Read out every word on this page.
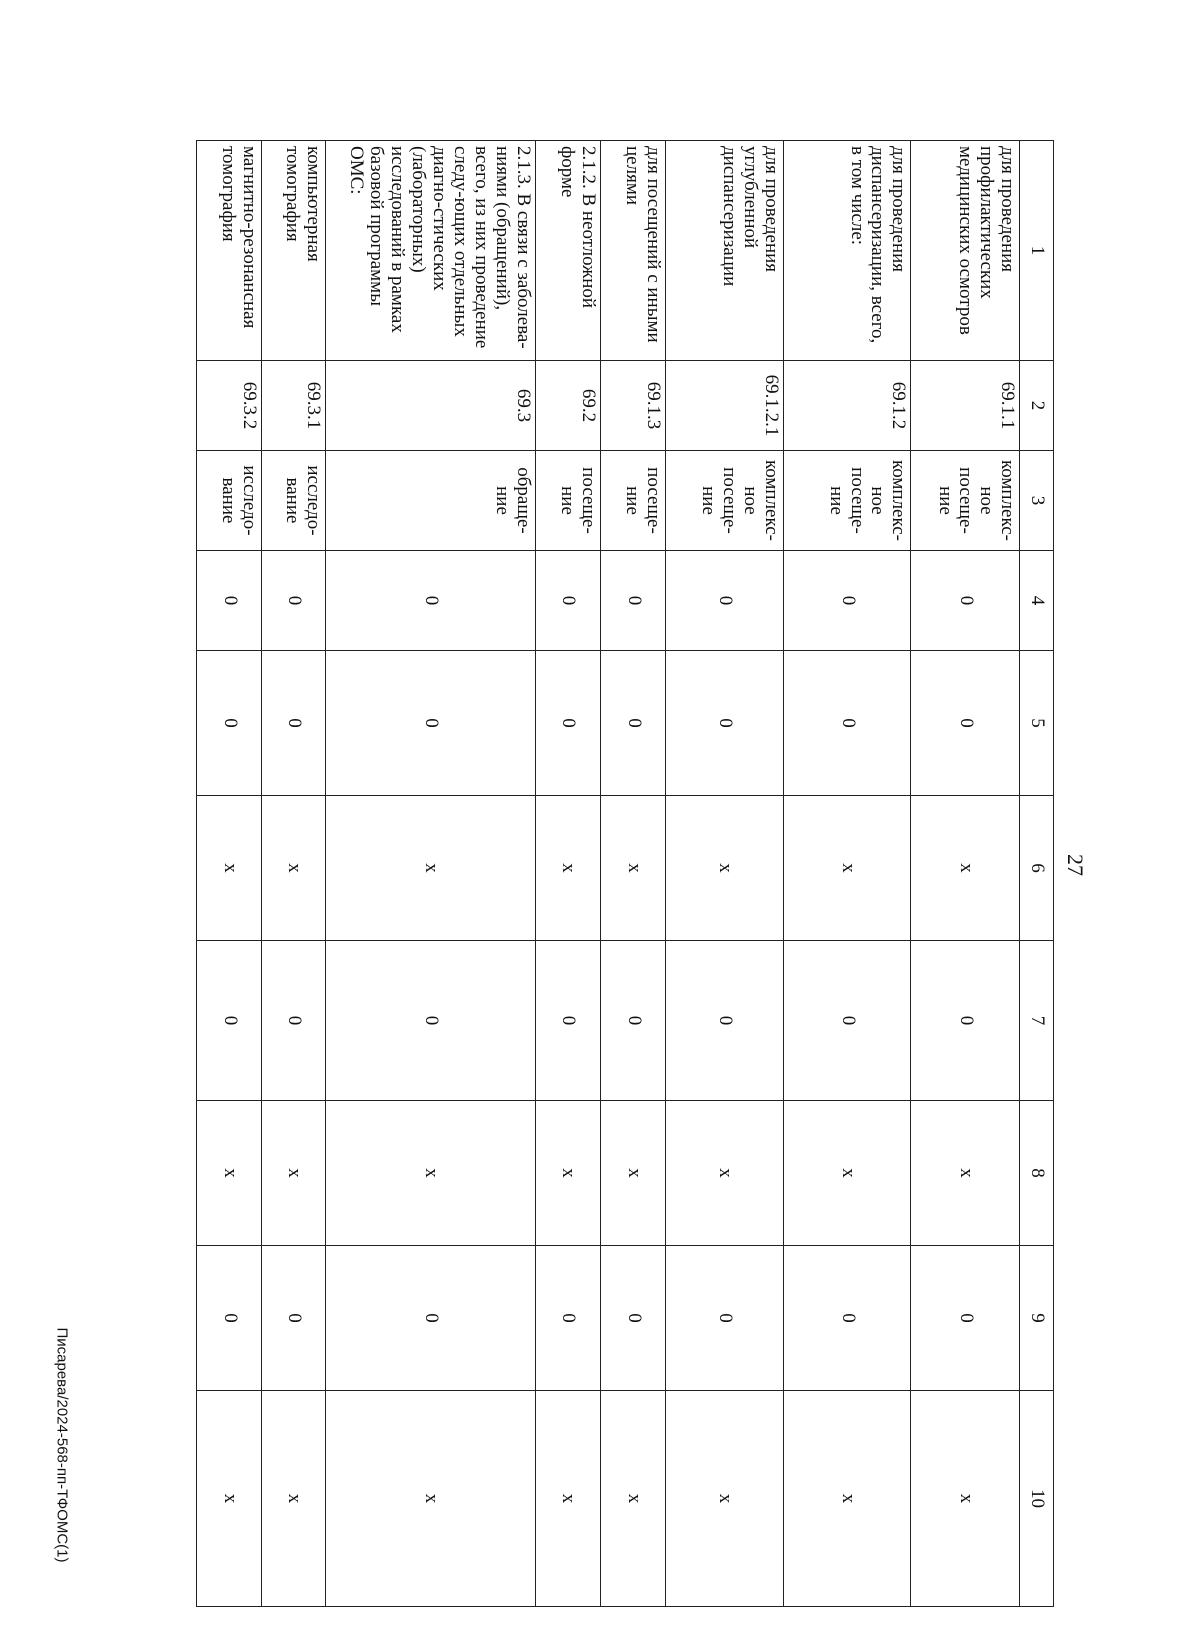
27
Писарева/2024-568-пп-ТФОМС(1)
1	2	3	4	5	6	7	8	9	10
для проведения профилактических медицинских осмотров	69.1.1	комплекс-ное посеще-ние	0	0	x	0	x	0	x
для проведения диспансеризации, всего, в том числе:	69.1.2	комплекс-ное посеще-ние	0	0	x	0	x	0	x
для проведения углубленной диспансеризации	69.1.2.1	комплекс-ное посеще-ние	0	0	x	0	x	0	x
для посещений с иными целями	69.1.3	посеще-ние	0	0	x	0	x	0	x
2.1.2. В неотложной форме	69.2	посеще-ние	0	0	x	0	x	0	x
2.1.3. В связи с заболева-ниями (обращений), всего, из них проведение следу-ющих отдельных диагно-стических (лабораторных) исследований в рамках базовой программы ОМС:	69.3	обращe-ние	0	0	x	0	x	0	x
компьютерная томография	69.3.1	исследо-вание	0	0	x	0	x	0	x
магнитно-резонансная томография	69.3.2	исследо-вание	0	0	x	0	x	0	x
